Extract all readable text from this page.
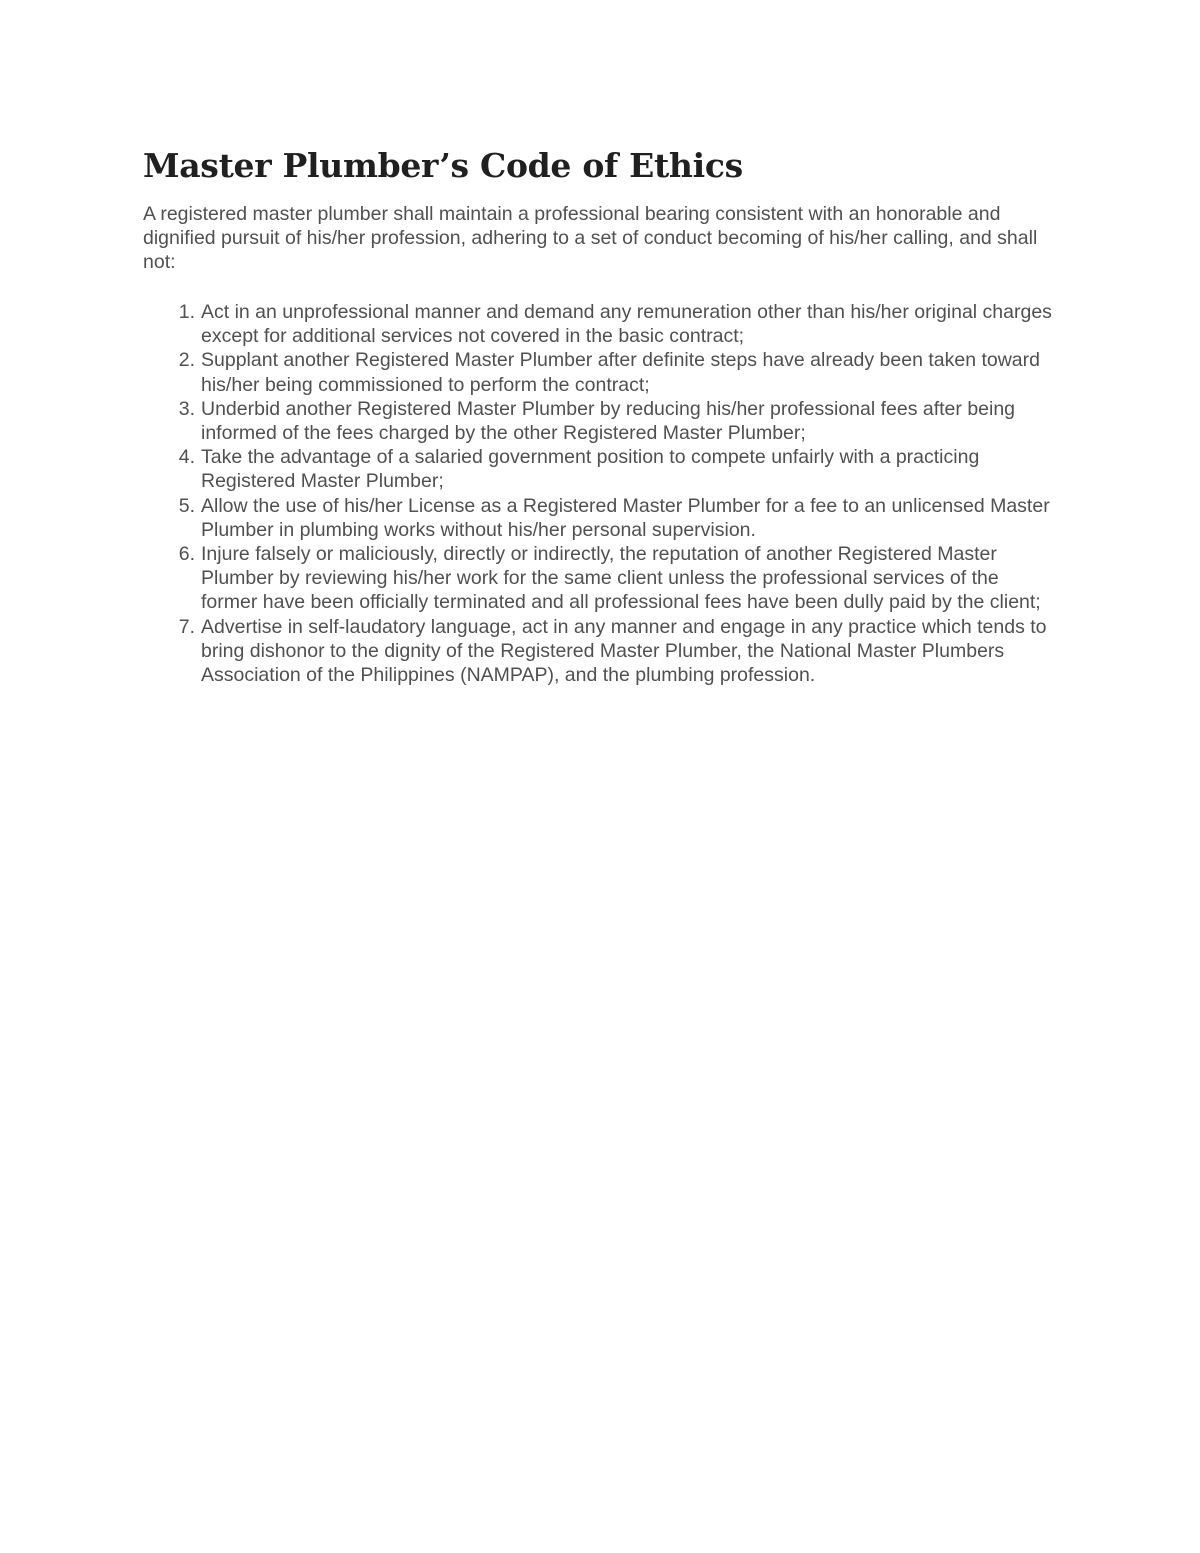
Master Plumber’s Code of Ethics

A registered master plumber shall maintain a professional bearing consistent with an honorable and dignified pursuit of his/her profession, adhering to a set of conduct becoming of his/her calling, and shall not:

1. Act in an unprofessional manner and demand any remuneration other than his/her original charges except for additional services not covered in the basic contract;
2. Supplant another Registered Master Plumber after definite steps have already been taken toward his/her being commissioned to perform the contract;
3. Underbid another Registered Master Plumber by reducing his/her professional fees after being informed of the fees charged by the other Registered Master Plumber;
4. Take the advantage of a salaried government position to compete unfairly with a practicing Registered Master Plumber;
5. Allow the use of his/her License as a Registered Master Plumber for a fee to an unlicensed Master Plumber in plumbing works without his/her personal supervision.
6. Injure falsely or maliciously, directly or indirectly, the reputation of another Registered Master Plumber by reviewing his/her work for the same client unless the professional services of the former have been officially terminated and all professional fees have been dully paid by the client;
7. Advertise in self-laudatory language, act in any manner and engage in any practice which tends to bring dishonor to the dignity of the Registered Master Plumber, the National Master Plumbers Association of the Philippines (NAMPAP), and the plumbing profession.
